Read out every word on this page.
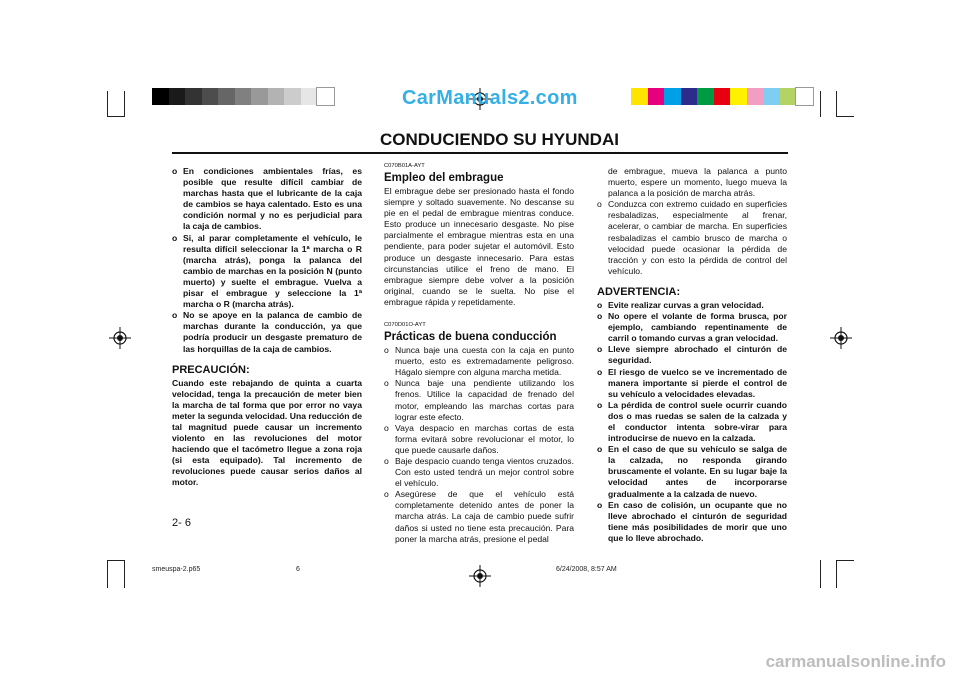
CarManuals2.com
CONDUCIENDO SU HYUNDAI
o En condiciones ambientales frías, es posible que resulte difícil cambiar de marchas hasta que el lubricante de la caja de cambios se haya calentado. Esto es una condición normal y no es perjudicial para la caja de cambios.
o Si, al parar completamente el vehículo, le resulta difícil seleccionar la 1ª marcha o R (marcha atrás), ponga la palanca del cambio de marchas en la posición N (punto muerto) y suelte el embrague. Vuelva a pisar el embrague y seleccione la 1ª marcha o R (marcha atrás).
o No se apoye en la palanca de cambio de marchas durante la conducción, ya que podría producir un desgaste prematuro de las horquillas de la caja de cambios.
PRECAUCIÓN:
Cuando este rebajando de quinta a cuarta velocidad, tenga la precaución de meter bien la marcha de tal forma que por error no vaya meter la segunda velocidad. Una reducción de tal magnitud puede causar un incremento violento en las revoluciones del motor haciendo que el tacómetro llegue a zona roja (si esta equipado). Tal incremento de revoluciones puede causar serios daños al motor.
C070B01A-AYT
Empleo del embrague
El embrague debe ser presionado hasta el fondo siempre y soltado suavemente. No descanse su pie en el pedal de embrague mientras conduce. Esto produce un innecesario desgaste. No pise parcialmente el embrague mientras esta en una pendiente, para poder sujetar el automóvil. Esto produce un desgaste innecesario. Para estas circunstancias utilice el freno de mano. El embrague siempre debe volver a la posición original, cuando se le suelta. No pise el embrague rápida y repetidamente.
C070D01O-AYT
Prácticas de buena conducción
o Nunca baje una cuesta con la caja en punto muerto, esto es extremadamente peligroso. Hágalo siempre con alguna marcha metida.
o Nunca baje una pendiente utilizando los frenos. Utilice la capacidad de frenado del motor, empleando las marchas cortas para lograr este efecto.
o Vaya despacio en marchas cortas de esta forma evitará sobre revolucionar el motor, lo que puede causarle daños.
o Baje despacio cuando tenga vientos cruzados. Con esto usted tendrá un mejor control sobre el vehículo.
o Asegúrese de que el vehículo está completamente detenido antes de poner la marcha atrás. La caja de cambio puede sufrir daños si usted no tiene esta precaución. Para poner la marcha atrás, presione el pedal
de embrague, mueva la palanca a punto muerto, espere un momento, luego mueva la palanca a la posición de marcha atrás.
o Conduzca con extremo cuidado en superficies resbaladizas, especialmente al frenar, acelerar, o cambiar de marcha. En superficies resbaladizas el cambio brusco de marcha o velocidad puede ocasionar la pérdida de tracción y con esto la pérdida de control del vehículo.
ADVERTENCIA:
o Evite realizar curvas a gran velocidad.
o No opere el volante de forma brusca, por ejemplo, cambiando repentinamente de carril o tomando curvas a gran velocidad.
o Lleve siempre abrochado el cinturón de seguridad.
o El riesgo de vuelco se ve incrementado de manera importante si pierde el control de su vehículo a velocidades elevadas.
o La pérdida de control suele ocurrir cuando dos o mas ruedas se salen de la calzada y el conductor intenta sobre-virar para introducirse de nuevo en la calzada.
o En el caso de que su vehículo se salga de la calzada, no responda girando bruscamente el volante. En su lugar baje la velocidad antes de incorporarse gradualmente a la calzada de nuevo.
o En caso de colisión, un ocupante que no lleve abrochado el cinturón de seguridad tiene más posibilidades de morir que uno que lo lleve abrochado.
2- 6
smeuspa-2.p65	6	6/24/2008, 8:57 AM
carmanualsonline.info
